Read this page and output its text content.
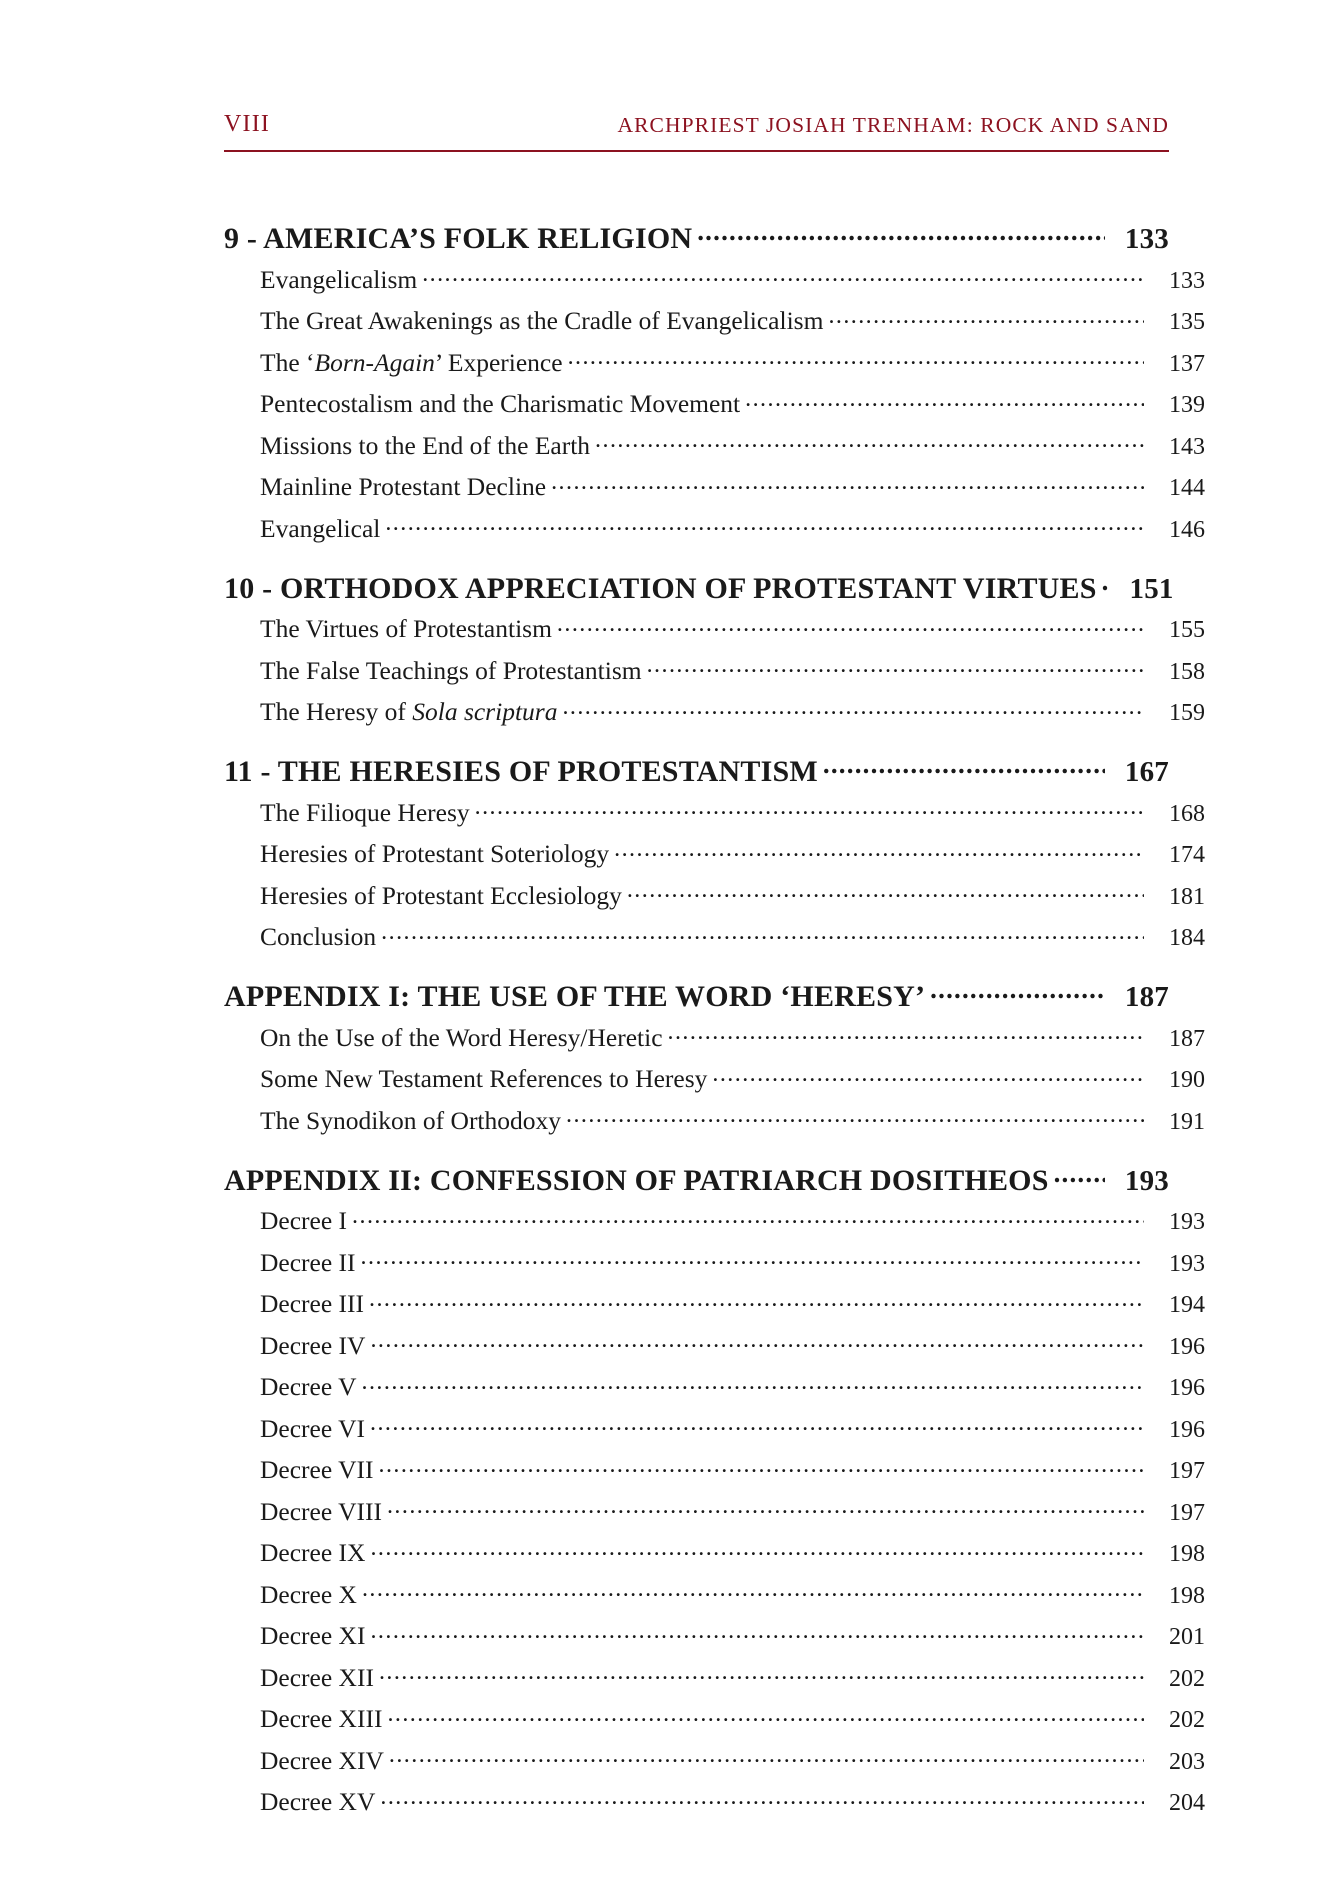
VIII	ARCHPRIEST JOSIAH TRENHAM: ROCK AND SAND
9 - AMERICA’S FOLK RELIGION .....	133
Evangelicalism .....	133
The Great Awakenings as the Cradle of Evangelicalism .....	135
The ‘Born-Again’ Experience .....	137
Pentecostalism and the Charismatic Movement .....	139
Missions to the End of the Earth .....	143
Mainline Protestant Decline .....	144
Evangelical .....	146
10 - ORTHODOX APPRECIATION OF PROTESTANT VIRTUES .....	151
The Virtues of Protestantism .....	155
The False Teachings of Protestantism .....	158
The Heresy of Sola scriptura .....	159
11 - THE HERESIES OF PROTESTANTISM .....	167
The Filioque Heresy .....	168
Heresies of Protestant Soteriology .....	174
Heresies of Protestant Ecclesiology .....	181
Conclusion .....	184
APPENDIX I: THE USE OF THE WORD ‘HERESY’ .....	187
On the Use of the Word Heresy/Heretic .....	187
Some New Testament References to Heresy .....	190
The Synodikon of Orthodoxy .....	191
APPENDIX II: CONFESSION OF PATRIARCH DOSITHEOS .....	193
Decree I .....	193
Decree II .....	193
Decree III .....	194
Decree IV .....	196
Decree V .....	196
Decree VI .....	196
Decree VII .....	197
Decree VIII .....	197
Decree IX .....	198
Decree X .....	198
Decree XI .....	201
Decree XII .....	202
Decree XIII .....	202
Decree XIV .....	203
Decree XV .....	204
